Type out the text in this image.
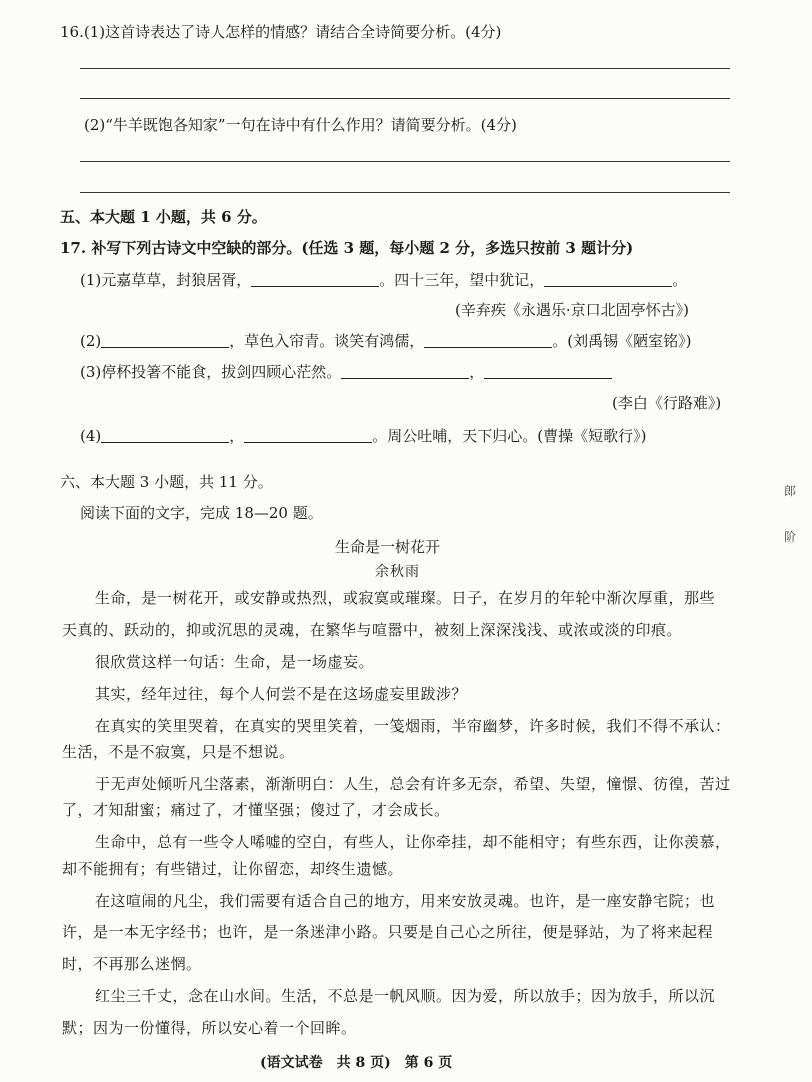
16.(1)这首诗表达了诗人怎样的情感？请结合全诗简要分析。(4分)
(2)“牛羊既饱各知家”一句在诗中有什么作用？请简要分析。(4分)
五、本大题 1 小题，共 6 分。
17. 补写下列古诗文中空缺的部分。(任选 3 题，每小题 2 分，多选只按前 3 题计分)
(1)元嘉草草，封狼居胥，	。四十三年，望中犹记，	。
(辛弃疾《永遇乐·京口北固亭怀古》)
(2)	，草色入帘青。谈笑有鸿儒，	。(刘禹锡《陋室铭》)
(3)停杯投箸不能食，拔剑四顾心茫然。	，
(李白《行路难》)
(4)	，	。周公吐哺，天下归心。(曹操《短歌行》)
六、本大题 3 小题，共 11 分。
阅读下面的文字，完成 18—20 题。
生命是一树花开
余秋雨
生命，是一树花开，或安静或热烈，或寂寞或璀璨。日子，在岁月的年轮中渐次厚重，那些
天真的、跃动的，抑或沉思的灵魂，在繁华与喧嚣中，被刻上深深浅浅、或浓或淡的印痕。
很欣赏这样一句话：生命，是一场虚妄。
其实，经年过往，每个人何尝不是在这场虚妄里跋涉？
在真实的笑里哭着，在真实的哭里笑着，一笺烟雨，半帘幽梦，许多时候，我们不得不承认：
生活，不是不寂寞，只是不想说。
于无声处倾听凡尘落素，渐渐明白：人生，总会有许多无奈，希望、失望，憧憬、彷徨，苦过
了，才知甜蜜；痛过了，才懂坚强；傻过了，才会成长。
生命中，总有一些令人唏嘘的空白，有些人，让你牵挂，却不能相守；有些东西，让你羡慕，
却不能拥有；有些错过，让你留恋，却终生遗憾。
在这喧闹的凡尘，我们需要有适合自己的地方，用来安放灵魂。也许，是一座安静宅院；也
许，是一本无字经书；也许，是一条迷津小路。只要是自己心之所往，便是驿站，为了将来起程
时，不再那么迷惘。
红尘三千丈，念在山水间。生活，不总是一帆风顺。因为爱，所以放手；因为放手，所以沉
默；因为一份懂得，所以安心着一个回眸。
郎
阶
(语文试卷　共 8 页)　第 6 页
